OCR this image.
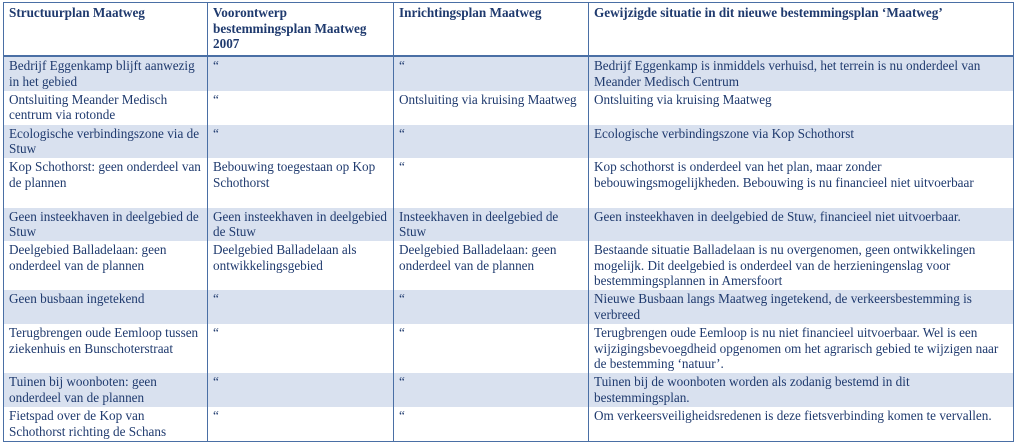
Structuurplan Maatweg	Voorontwerp bestemmingsplan Maatweg 2007	Inrichtingsplan Maatweg	Gewijzigde situatie in dit nieuwe bestemmingsplan ‘Maatweg’
Bedrijf Eggenkamp blijft aanwezig in het gebied	“	“	Bedrijf Eggenkamp is inmiddels verhuisd, het terrein is nu onderdeel van Meander Medisch Centrum
Ontsluiting Meander Medisch centrum via rotonde	“	Ontsluiting via kruising Maatweg	Ontsluiting via kruising Maatweg
Ecologische verbindingszone via de Stuw	“	“	Ecologische verbindingszone via Kop Schothorst
Kop Schothorst: geen onderdeel van de plannen	Bebouwing toegestaan op Kop Schothorst	“	Kop schothorst is onderdeel van het plan, maar zonder bebouwingsmogelijkheden. Bebouwing is nu financieel niet uitvoerbaar
Geen insteekhaven in deelgebied de Stuw	Geen insteekhaven in deelgebied de Stuw	Insteekhaven in deelgebied de Stuw	Geen insteekhaven in deelgebied de Stuw, financieel niet uitvoerbaar.
Deelgebied Balladelaan: geen onderdeel van de plannen	Deelgebied Balladelaan als ontwikkelingsgebied	Deelgebied Balladelaan: geen onderdeel van de plannen	Bestaande situatie Balladelaan is nu overgenomen, geen ontwikkelingen mogelijk. Dit deelgebied is onderdeel van de herzieningenslag voor bestemmingsplannen in Amersfoort
Geen busbaan ingetekend	“	“	Nieuwe Busbaan langs Maatweg ingetekend, de verkeersbestemming is verbreed
Terugbrengen oude Eemloop tussen ziekenhuis en Bunschoterstraat	“	“	Terugbrengen oude Eemloop is nu niet financieel uitvoerbaar. Wel is een wijzigingsbevoegdheid opgenomen om het agrarisch gebied te wijzigen naar de bestemming ‘natuur’.
Tuinen bij woonboten: geen onderdeel van de plannen	“	“	Tuinen bij de woonboten worden als zodanig bestemd in dit bestemmingsplan.
Fietspad over de Kop van Schothorst richting de Schans	“	“	Om verkeersveiligheidsredenen is deze fietsverbinding komen te vervallen.
